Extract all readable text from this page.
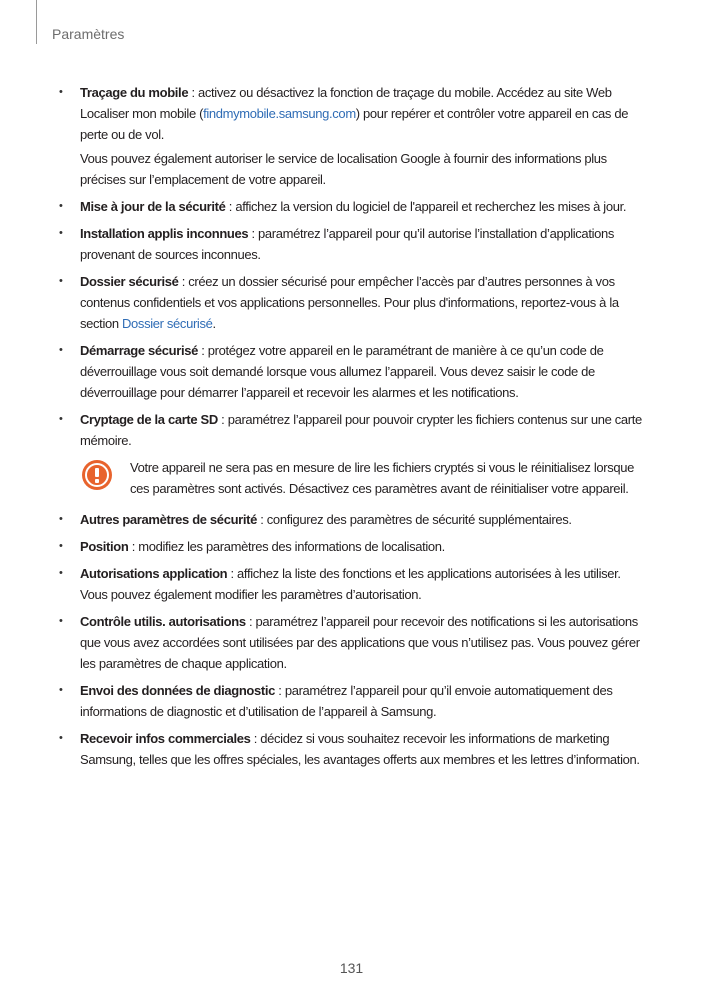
Paramètres
• Traçage du mobile : activez ou désactivez la fonction de traçage du mobile. Accédez au site Web Localiser mon mobile (findmymobile.samsung.com) pour repérer et contrôler votre appareil en cas de perte ou de vol.
Vous pouvez également autoriser le service de localisation Google à fournir des informations plus précises sur l’emplacement de votre appareil.
• Mise à jour de la sécurité : affichez la version du logiciel de l'appareil et recherchez les mises à jour.
• Installation applis inconnues : paramétrez l’appareil pour qu’il autorise l’installation d’applications provenant de sources inconnues.
• Dossier sécurisé : créez un dossier sécurisé pour empêcher l’accès par d’autres personnes à vos contenus confidentiels et vos applications personnelles. Pour plus d'informations, reportez-vous à la section Dossier sécurisé.
• Démarrage sécurisé : protégez votre appareil en le paramétrant de manière à ce qu’un code de déverrouillage vous soit demandé lorsque vous allumez l’appareil. Vous devez saisir le code de déverrouillage pour démarrer l’appareil et recevoir les alarmes et les notifications.
• Cryptage de la carte SD : paramétrez l’appareil pour pouvoir crypter les fichiers contenus sur une carte mémoire.
Votre appareil ne sera pas en mesure de lire les fichiers cryptés si vous le réinitialisez lorsque ces paramètres sont activés. Désactivez ces paramètres avant de réinitialiser votre appareil.
• Autres paramètres de sécurité : configurez des paramètres de sécurité supplémentaires.
• Position : modifiez les paramètres des informations de localisation.
• Autorisations application : affichez la liste des fonctions et les applications autorisées à les utiliser. Vous pouvez également modifier les paramètres d’autorisation.
• Contrôle utilis. autorisations : paramétrez l’appareil pour recevoir des notifications si les autorisations que vous avez accordées sont utilisées par des applications que vous n’utilisez pas. Vous pouvez gérer les paramètres de chaque application.
• Envoi des données de diagnostic : paramétrez l’appareil pour qu’il envoie automatiquement des informations de diagnostic et d’utilisation de l’appareil à Samsung.
• Recevoir infos commerciales : décidez si vous souhaitez recevoir les informations de marketing Samsung, telles que les offres spéciales, les avantages offerts aux membres et les lettres d’information.
131
